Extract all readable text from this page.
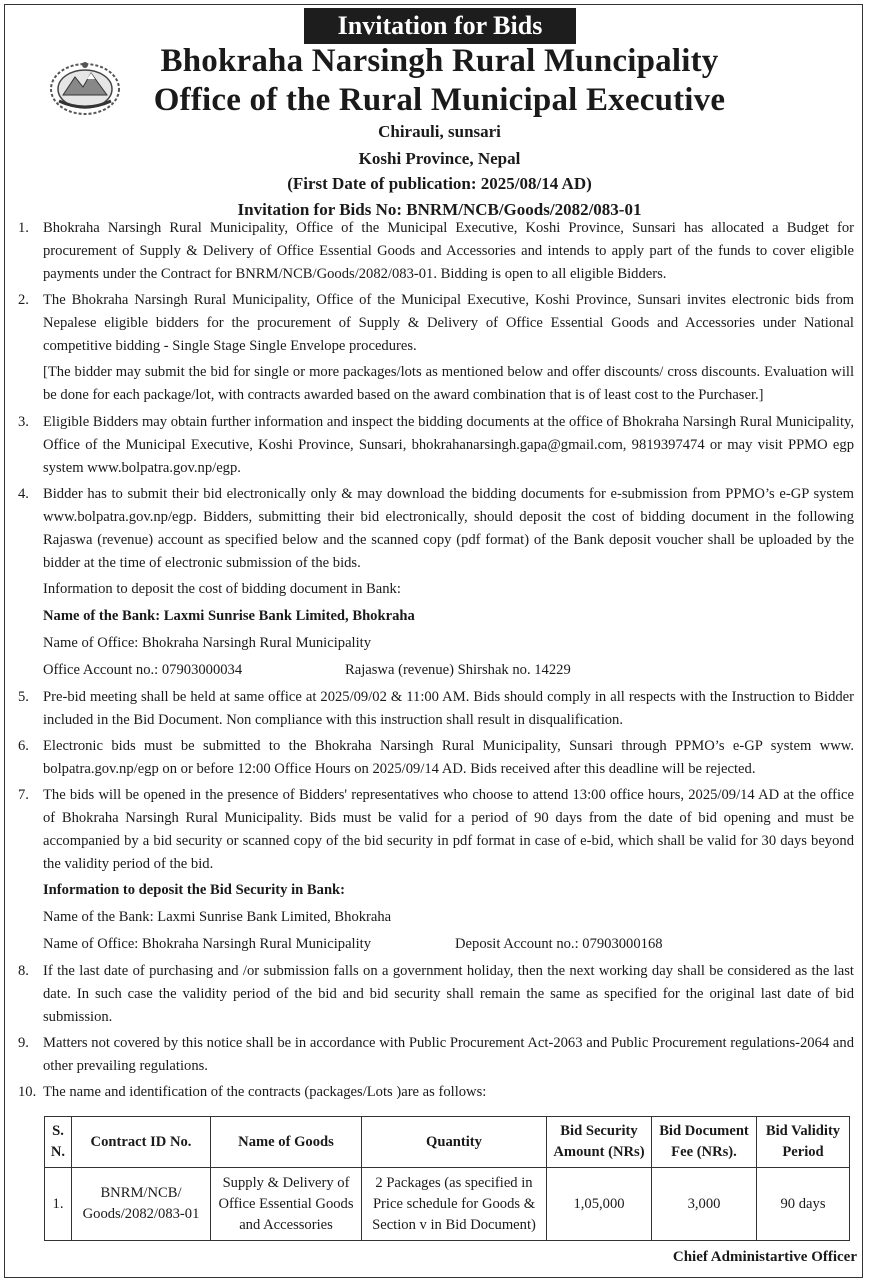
Invitation for Bids
Bhokraha Narsingh Rural Muncipality
Office of the Rural Municipal Executive
Chirauli, sunsari
Koshi Province, Nepal
(First Date of publication: 2025/08/14 AD)
Invitation for Bids No: BNRM/NCB/Goods/2082/083-01
1. Bhokraha Narsingh Rural Municipality, Office of the Municipal Executive, Koshi Province, Sunsari has allocated a Budget for procurement of Supply & Delivery of Office Essential Goods and Accessories and intends to apply part of the funds to cover eligible payments under the Contract for BNRM/NCB/Goods/2082/083-01. Bidding is open to all eligible Bidders.
2. The Bhokraha Narsingh Rural Municipality, Office of the Municipal Executive, Koshi Province, Sunsari invites electronic bids from Nepalese eligible bidders for the procurement of Supply & Delivery of Office Essential Goods and Accessories under National competitive bidding - Single Stage Single Envelope procedures.
[The bidder may submit the bid for single or more packages/lots as mentioned below and offer discounts/ cross discounts. Evaluation will be done for each package/lot, with contracts awarded based on the award combination that is of least cost to the Purchaser.]
3. Eligible Bidders may obtain further information and inspect the bidding documents at the office of Bhokraha Narsingh Rural Municipality, Office of the Municipal Executive, Koshi Province, Sunsari, bhokrahanarsingh.gapa@gmail.com, 9819397474 or may visit PPMO egp system www.bolpatra.gov.np/egp.
4. Bidder has to submit their bid electronically only & may download the bidding documents for e-submission from PPMO’s e-GP system www.bolpatra.gov.np/egp. Bidders, submitting their bid electronically, should deposit the cost of bidding document in the following Rajaswa (revenue) account as specified below and the scanned copy (pdf format) of the Bank deposit voucher shall be uploaded by the bidder at the time of electronic submission of the bids.
Information to deposit the cost of bidding document in Bank:
Name of the Bank: Laxmi Sunrise Bank Limited, Bhokraha
Name of Office: Bhokraha Narsingh Rural Municipality
Office Account no.: 07903000034	Rajaswa (revenue) Shirshak no. 14229
5. Pre-bid meeting shall be held at same office at 2025/09/02 & 11:00 AM. Bids should comply in all respects with the Instruction to Bidder included in the Bid Document. Non compliance with this instruction shall result in disqualification.
6. Electronic bids must be submitted to the Bhokraha Narsingh Rural Municipality, Sunsari through PPMO’s e-GP system www. bolpatra.gov.np/egp on or before 12:00 Office Hours on 2025/09/14 AD. Bids received after this deadline will be rejected.
7. The bids will be opened in the presence of Bidders' representatives who choose to attend 13:00 office hours, 2025/09/14 AD at the office of Bhokraha Narsingh Rural Municipality. Bids must be valid for a period of 90 days from the date of bid opening and must be accompanied by a bid security or scanned copy of the bid security in pdf format in case of e-bid, which shall be valid for 30 days beyond the validity period of the bid.
Information to deposit the Bid Security in Bank:
Name of the Bank: Laxmi Sunrise Bank Limited, Bhokraha
Name of Office: Bhokraha Narsingh Rural Municipality	Deposit Account no.: 07903000168
8. If the last date of purchasing and /or submission falls on a government holiday, then the next working day shall be considered as the last date. In such case the validity period of the bid and bid security shall remain the same as specified for the original last date of bid submission.
9. Matters not covered by this notice shall be in accordance with Public Procurement Act-2063 and Public Procurement regulations-2064 and other prevailing regulations.
10. The name and identification of the contracts (packages/Lots )are as follows:
S. N.	Contract ID No.	Name of Goods	Quantity	Bid Security Amount (NRs)	Bid Document Fee (NRs).	Bid Validity Period
1.	BNRM/NCB/ Goods/2082/083-01	Supply & Delivery of Office Essential Goods and Accessories	2 Packages (as specified in Price schedule for Goods & Section v in Bid Document)	1,05,000	3,000	90 days
Chief Administartive Officer
